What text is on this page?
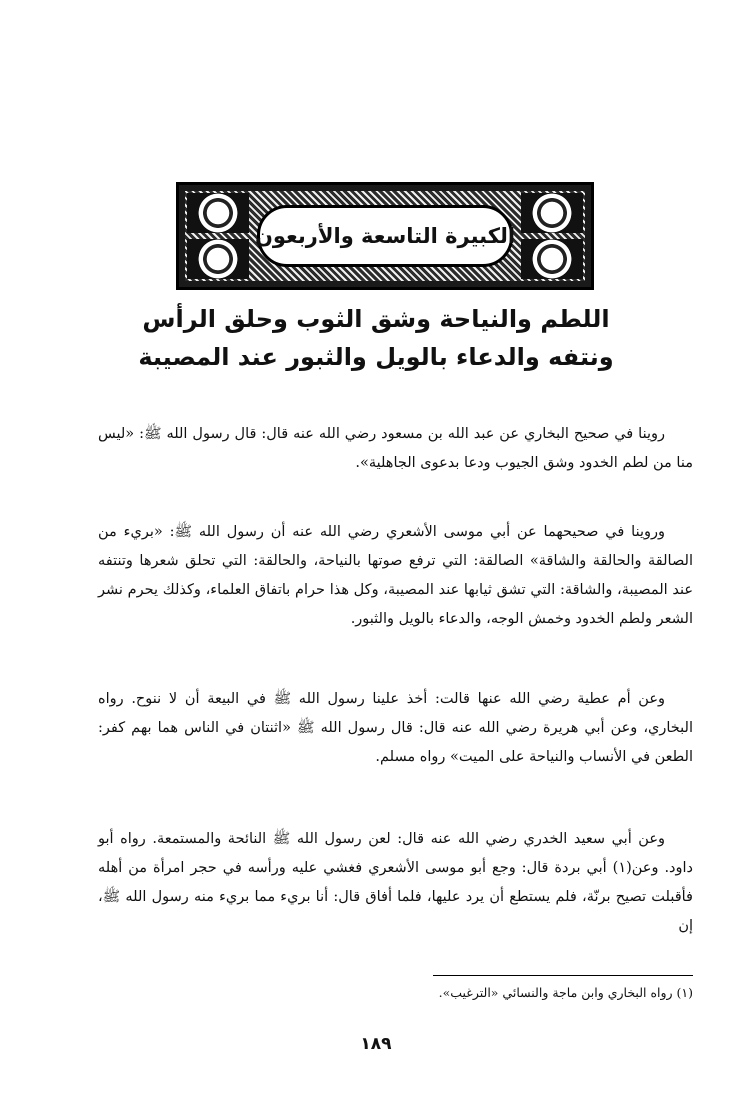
الكبيرة التاسعة والأربعون
اللطم والنياحة وشق الثوب وحلق الرأس
ونتفه والدعاء بالويل والثبور عند المصيبة

روينا في صحيح البخاري عن عبد الله بن مسعود رضي الله عنه قال: قال رسول الله ﷺ: «ليس منا من لطم الخدود وشق الجيوب ودعا بدعوى الجاهلية».

وروينا في صحيحهما عن أبي موسى الأشعري رضي الله عنه أن رسول الله ﷺ: «بريء من الصالقة والحالقة والشاقة» الصالقة: التي ترفع صوتها بالنياحة، والحالقة: التي تحلق شعرها وتنتفه عند المصيبة، والشاقة: التي تشق ثيابها عند المصيبة، وكل هذا حرام باتفاق العلماء، وكذلك يحرم نشر الشعر ولطم الخدود وخمش الوجه، والدعاء بالويل والثبور.

وعن أم عطية رضي الله عنها قالت: أخذ علينا رسول الله ﷺ في البيعة أن لا ننوح. رواه البخاري، وعن أبي هريرة رضي الله عنه قال: قال رسول الله ﷺ «اثنتان في الناس هما بهم كفر: الطعن في الأنساب والنياحة على الميت» رواه مسلم.

وعن أبي سعيد الخدري رضي الله عنه قال: لعن رسول الله ﷺ النائحة والمستمعة. رواه أبو داود. وعن(١) أبي بردة قال: وجع أبو موسى الأشعري فغشي عليه ورأسه في حجر امرأة من أهله فأقبلت تصيح برنّة، فلم يستطع أن يرد عليها، فلما أفاق قال: أنا بريء مما بريء منه رسول الله ﷺ، إن

(١) رواه البخاري وابن ماجة والنسائي «الترغيب».
١٨٩
